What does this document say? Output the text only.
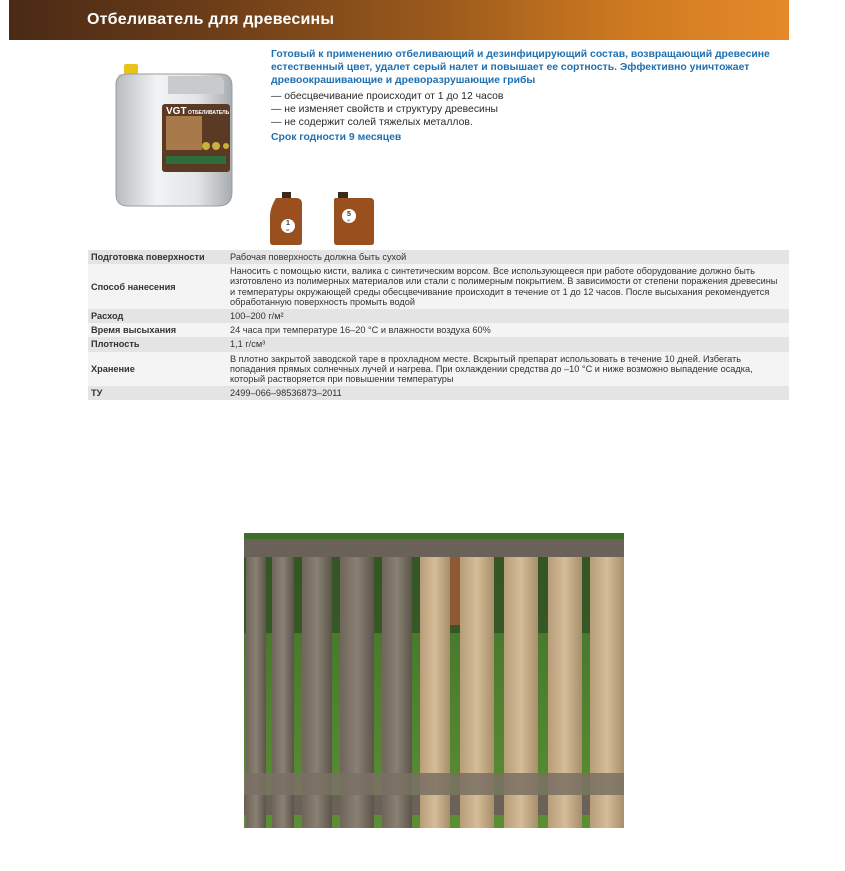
Отбеливатель для древесины
VGT ОТБЕЛИВАТЕЛЬ
Готовый к применению отбеливающий и дезинфицирующий состав, возвращающий древесине естественный цвет, удалет серый налет и повышает ее сортность. Эффективно уничтожает древоокрашивающие и древоразрушающие грибы
— обесцвечивание происходит от 1 до 12 часов
— не изменяет свойств и структуру древесины
— не содержит солей тяжелых металлов.
Срок годности 9 месяцев
1
кг
5
кг
Подготовка поверхности	Рабочая поверхность должна быть сухой
Способ нанесения	Наносить с помощью кисти, валика с синтетическим ворсом. Все использующееся при работе оборудование должно быть изготовлено из полимерных материалов или стали с полимерным покрытием. В зависимости от степени поражения древесины и температуры окружающей среды обесцвечивание происходит в течение от 1 до 12 часов. После высыхания рекомендуется обработанную поверхность промыть водой
Расход	100–200 г/м²
Время высыхания	24 часа при температуре 16–20 °С и влажности воздуха 60%
Плотность	1,1 г/см³
Хранение	В плотно закрытой заводской таре в прохладном месте. Вскрытый препарат использовать в течение 10 дней. Избегать попадания прямых солнечных лучей и нагрева. При охлаждении средства до –10 °С и ниже возможно выпадение осадка, который растворяется при повышении температуры
ТУ	2499–066–98536873–2011
